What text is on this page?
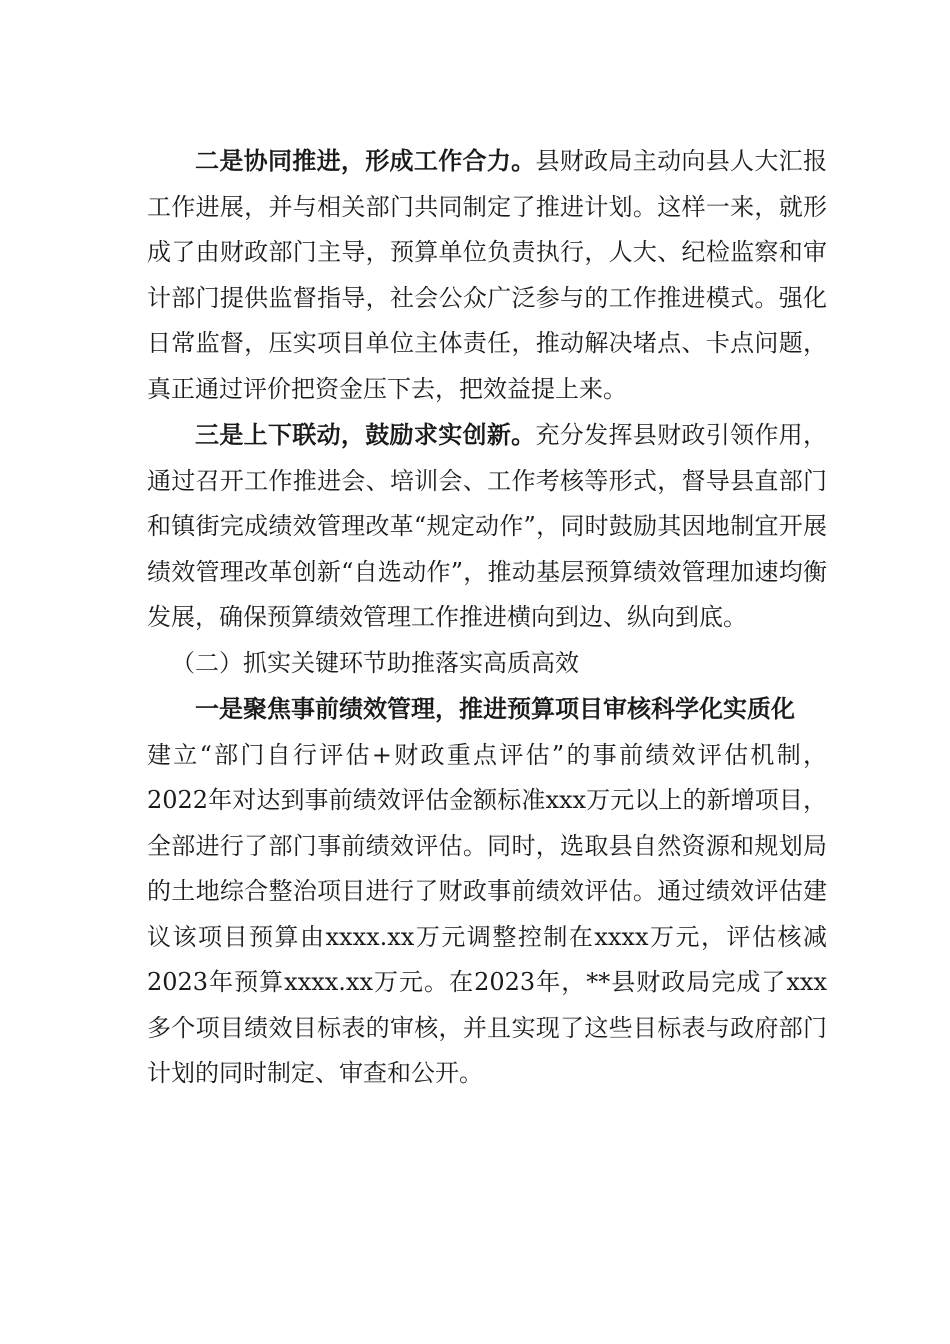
二是协同推进，形成工作合力。县财政局主动向县人大汇报工作进展，并与相关部门共同制定了推进计划。这样一来，就形成了由财政部门主导，预算单位负责执行，人大、纪检监察和审计部门提供监督指导，社会公众广泛参与的工作推进模式。强化日常监督，压实项目单位主体责任，推动解决堵点、卡点问题，真正通过评价把资金压下去，把效益提上来。

三是上下联动，鼓励求实创新。充分发挥县财政引领作用，通过召开工作推进会、培训会、工作考核等形式，督导县直部门和镇街完成绩效管理改革“规定动作”，同时鼓励其因地制宜开展绩效管理改革创新“自选动作”，推动基层预算绩效管理加速均衡发展，确保预算绩效管理工作推进横向到边、纵向到底。

（二）抓实关键环节助推落实高质高效

一是聚焦事前绩效管理，推进预算项目审核科学化实质化
建立“部门自行评估+财政重点评估”的事前绩效评估机制，2022年对达到事前绩效评估金额标准xxx万元以上的新增项目，全部进行了部门事前绩效评估。同时，选取县自然资源和规划局的土地综合整治项目进行了财政事前绩效评估。通过绩效评估建议该项目预算由xxxx.xx万元调整控制在xxxx万元，评估核减2023年预算xxxx.xx万元。在2023年，**县财政局完成了xxx多个项目绩效目标表的审核，并且实现了这些目标表与政府部门计划的同时制定、审查和公开。
